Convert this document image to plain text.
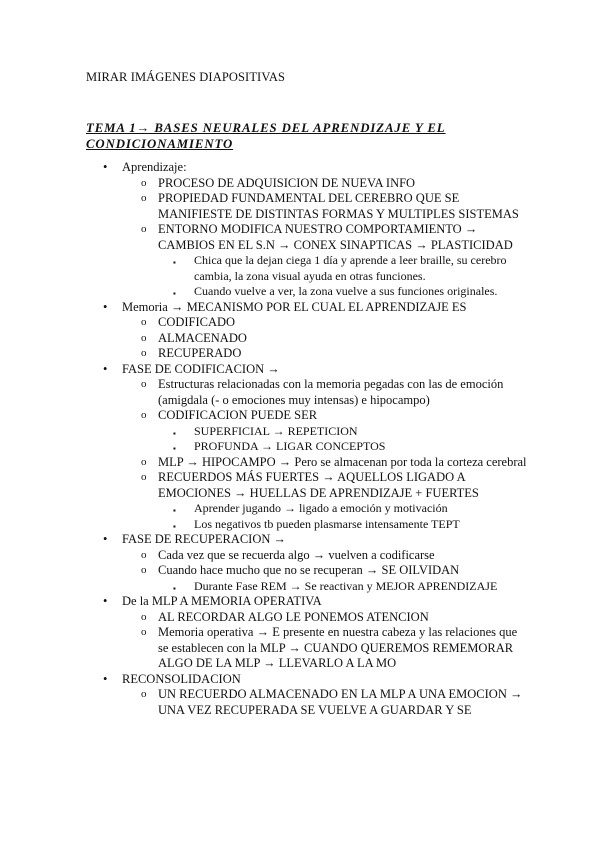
MIRAR IMÁGENES DIAPOSITIVAS
TEMA 1→ BASES NEURALES DEL APRENDIZAJE Y EL CONDICIONAMIENTO
• Aprendizaje:
o PROCESO DE ADQUISICION DE NUEVA INFO
o PROPIEDAD FUNDAMENTAL DEL CEREBRO QUE SE MANIFIESTE DE DISTINTAS FORMAS Y MULTIPLES SISTEMAS
o ENTORNO MODIFICA NUESTRO COMPORTAMIENTO → CAMBIOS EN EL S.N → CONEX SINAPTICAS → PLASTICIDAD
▪ Chica que la dejan ciega 1 día y aprende a leer braille, su cerebro cambia, la zona visual ayuda en otras funciones.
▪ Cuando vuelve a ver, la zona vuelve a sus funciones originales.
• Memoria → MECANISMO POR EL CUAL EL APRENDIZAJE ES
o CODIFICADO
o ALMACENADO
o RECUPERADO
• FASE DE CODIFICACION →
o Estructuras relacionadas con la memoria pegadas con las de emoción (amigdala (- o emociones muy intensas) e hipocampo)
o CODIFICACION PUEDE SER
▪ SUPERFICIAL → REPETICION
▪ PROFUNDA → LIGAR CONCEPTOS
o MLP → HIPOCAMPO → Pero se almacenan por toda la corteza cerebral
o RECUERDOS MÁS FUERTES → AQUELLOS LIGADO A EMOCIONES → HUELLAS DE APRENDIZAJE + FUERTES
▪ Aprender jugando → ligado a emoción y motivación
▪ Los negativos tb pueden plasmarse intensamente TEPT
• FASE DE RECUPERACION →
o Cada vez que se recuerda algo → vuelven a codificarse
o Cuando hace mucho que no se recuperan → SE OILVIDAN
▪ Durante Fase REM → Se reactivan y MEJOR APRENDIZAJE
• De la MLP A MEMORIA OPERATIVA
o AL RECORDAR ALGO LE PONEMOS ATENCION
o Memoria operativa → E presente en nuestra cabeza y las relaciones que se establecen con la MLP → CUANDO QUEREMOS REMEMORAR ALGO DE LA MLP → LLEVARLO A LA MO
• RECONSOLIDACION
o UN RECUERDO ALMACENADO EN LA MLP A UNA EMOCION → UNA VEZ RECUPERADA SE VUELVE A GUARDAR Y SE
